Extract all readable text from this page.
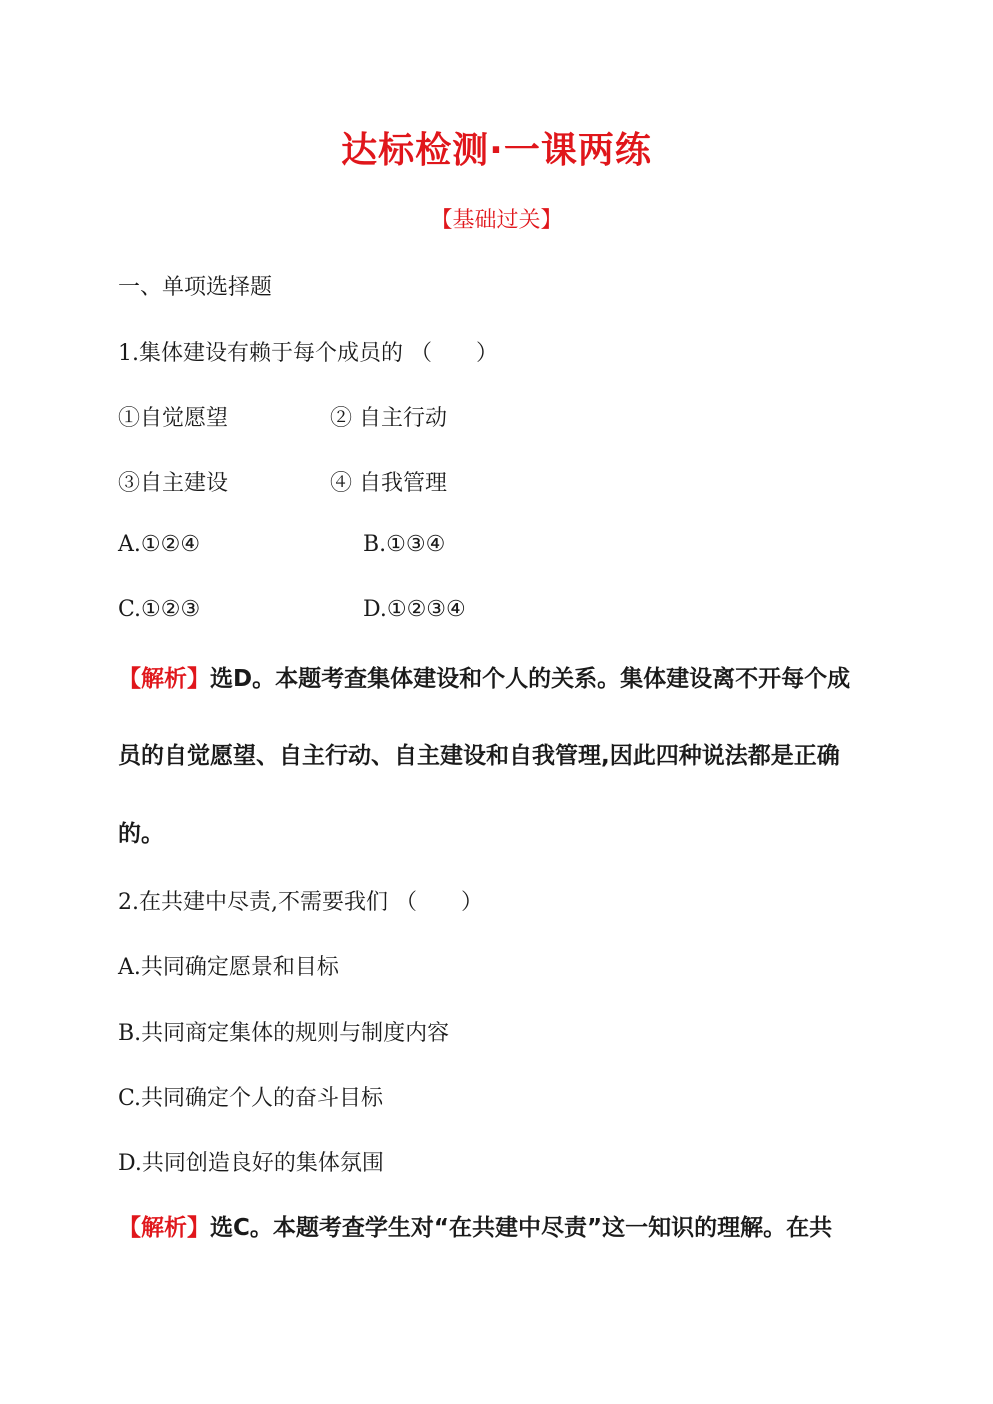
达标检测·一课两练
【基础过关】
一、单项选择题
1.集体建设有赖于每个成员的 （　　）
①自觉愿望	② 自主行动
③自主建设	④ 自我管理
A.①②④	B.①③④
C.①②③	D.①②③④
【解析】选D。本题考查集体建设和个人的关系。集体建设离不开每个成
员的自觉愿望、自主行动、自主建设和自我管理,因此四种说法都是正确
的。
2.在共建中尽责,不需要我们 （　　）
A.共同确定愿景和目标
B.共同商定集体的规则与制度内容
C.共同确定个人的奋斗目标
D.共同创造良好的集体氛围
【解析】选C。本题考查学生对“在共建中尽责”这一知识的理解。在共
